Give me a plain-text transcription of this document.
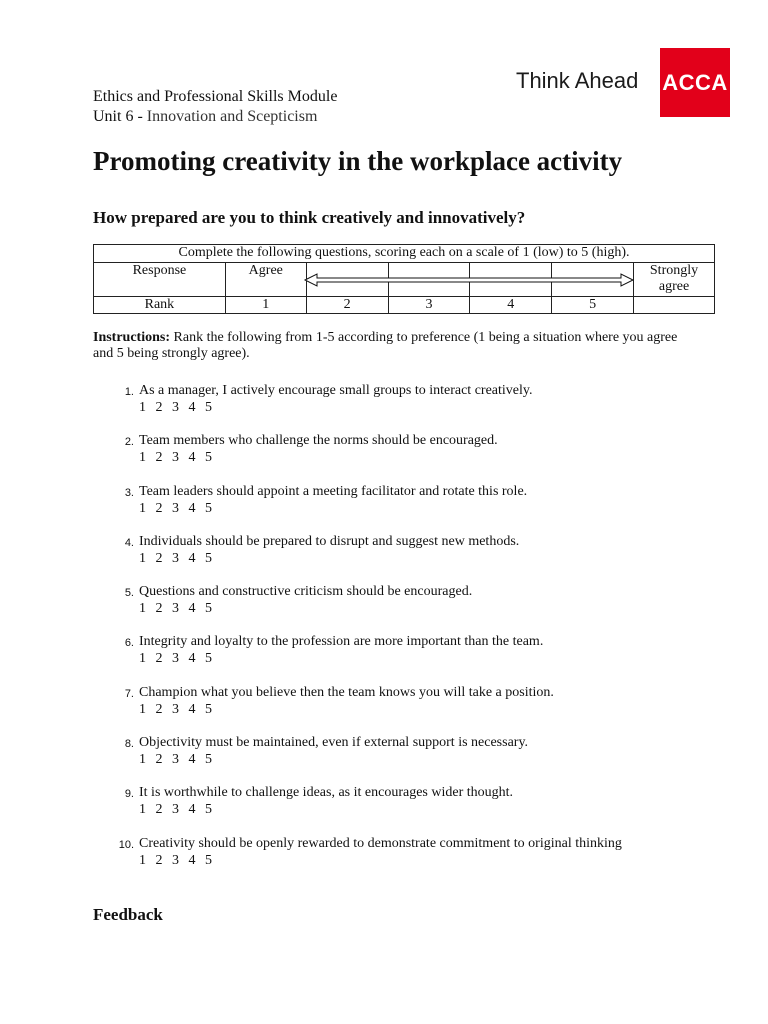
Ethics and Professional Skills Module
Unit 6 - Innovation and Scepticism
Think Ahead ACCA
Promoting creativity in the workplace activity
How prepared are you to think creatively and innovatively?
Complete the following questions, scoring each on a scale of 1 (low) to 5 (high).						
Response	Agree					Strongly
agree
Rank	1	2	3	4	5	
Instructions: Rank the following from 1-5 according to preference (1 being a situation where you agree and 5 being strongly agree).
1. As a manager, I actively encourage small groups to interact creatively.
1 2 3 4 5
2. Team members who challenge the norms should be encouraged.
1 2 3 4 5
3. Team leaders should appoint a meeting facilitator and rotate this role.
1 2 3 4 5
4. Individuals should be prepared to disrupt and suggest new methods.
1 2 3 4 5
5. Questions and constructive criticism should be encouraged.
1 2 3 4 5
6. Integrity and loyalty to the profession are more important than the team.
1 2 3 4 5
7. Champion what you believe then the team knows you will take a position.
1 2 3 4 5
8. Objectivity must be maintained, even if external support is necessary.
1 2 3 4 5
9. It is worthwhile to challenge ideas, as it encourages wider thought.
1 2 3 4 5
10. Creativity should be openly rewarded to demonstrate commitment to original thinking
1 2 3 4 5
Feedback
